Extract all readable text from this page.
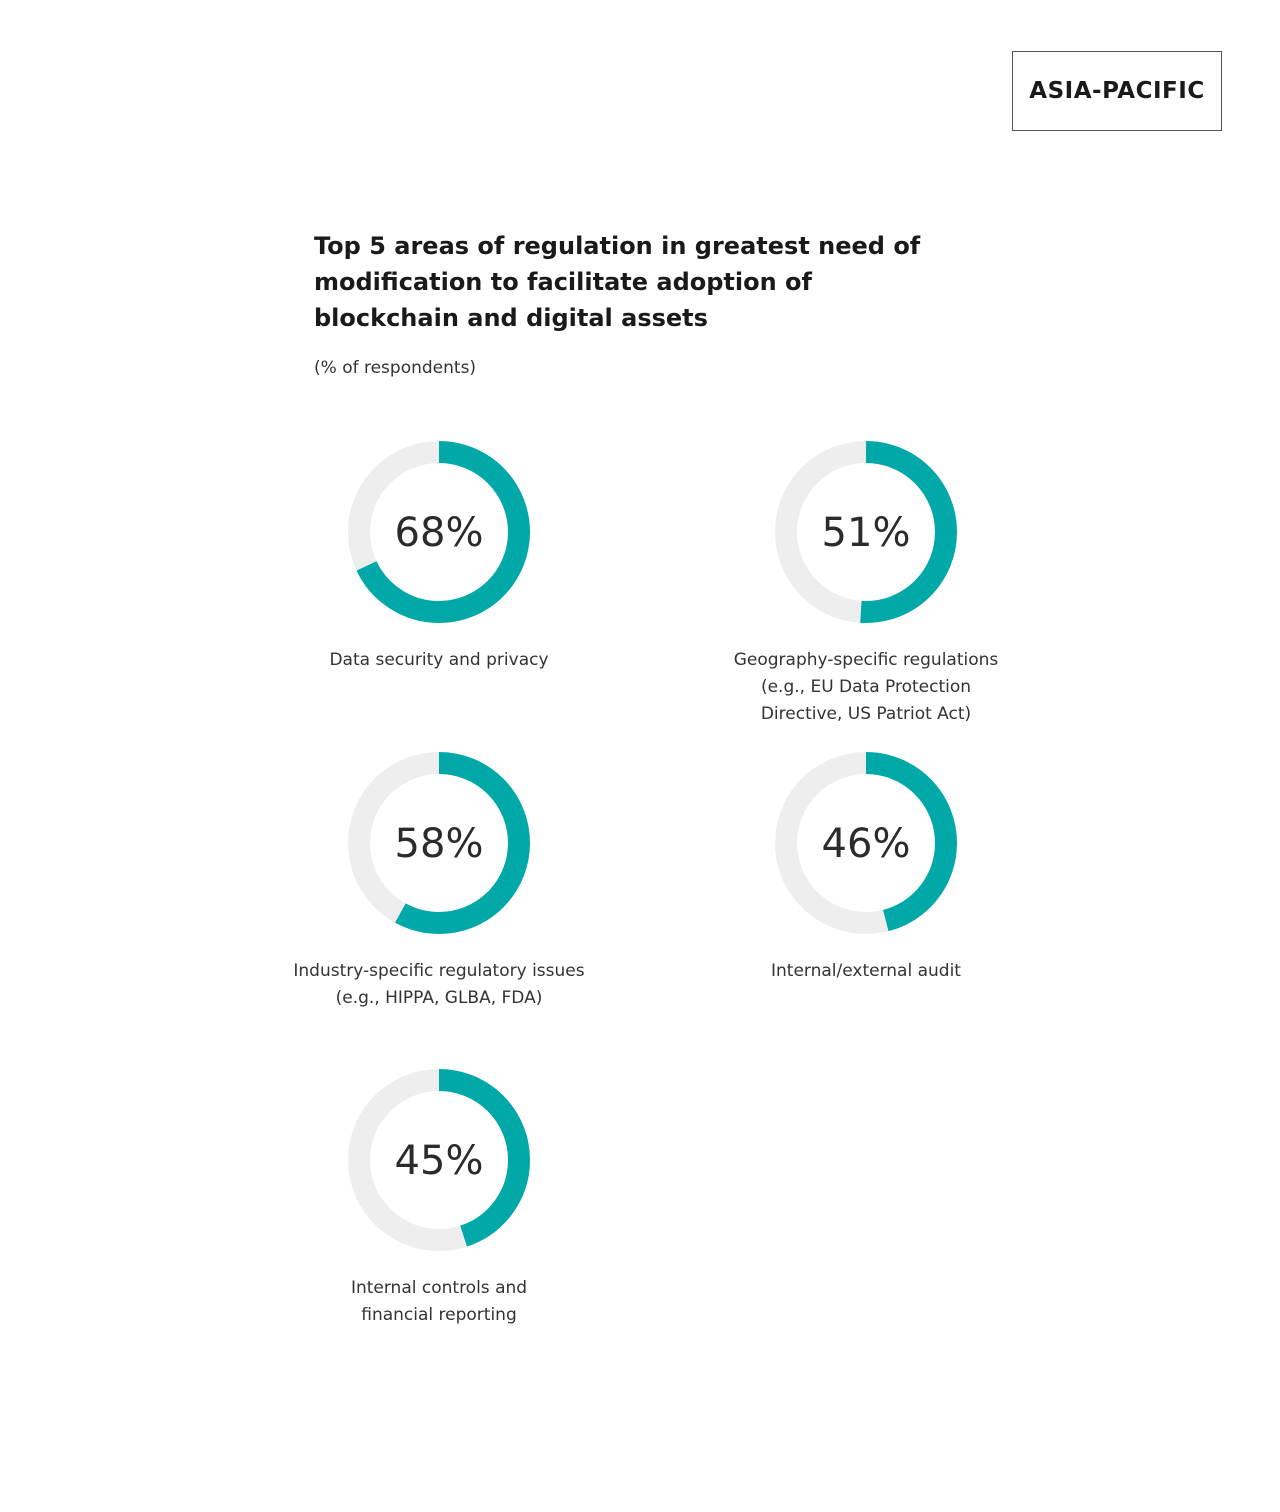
ASIA-PACIFIC
Top 5 areas of regulation in greatest need of modification to facilitate adoption of blockchain and digital assets
(% of respondents)
68%
Data security and privacy
51%
Geography-specific regulations
(e.g., EU Data Protection
Directive, US Patriot Act)
58%
Industry-specific regulatory issues
(e.g., HIPPA, GLBA, FDA)
46%
Internal/external audit
45%
Internal controls and
financial reporting
